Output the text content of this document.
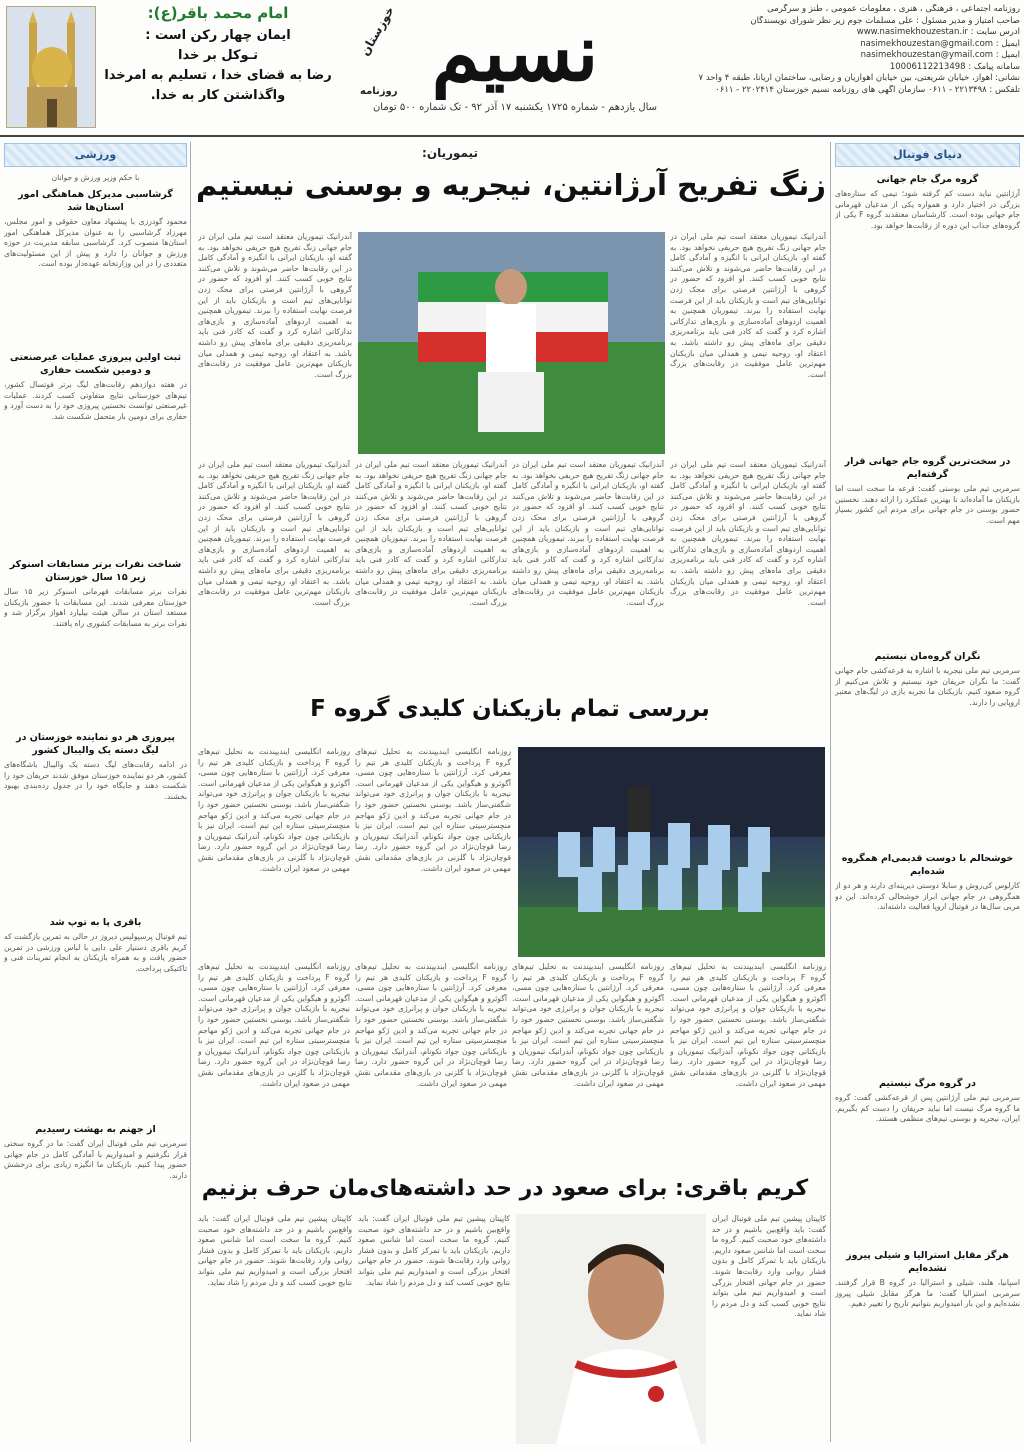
امام محمد باقر(ع):
ایمان چهار رکن است :
تـوکل بر خدا
رضا به قضای خدا ، تسلیم به امرخدا
واگذاشتن کار به خدا.	نسیم
خوزستان
روزنامه
سال یازدهم - شماره ۱۷۲۵ یکشنبه ۱۷ آذر ۹۲ - تک شماره ۵۰۰ تومان
روزنامه اجتماعی ، فرهنگی ، هنری ، معلومات عمومی ، طنز و سرگرمی
صاحب امتیاز و مدیر مسئول : علی مسلمات جوم زیر نظر شورای نویسندگان
آدرس سایت : www.nasimekhouzestan.ir
ایمیل : nasimekhouzestan@gmail.com
ایمیل : nasimekhouzestan@ymail.com
سامانه پیامک : 10006112213498
نشانی: اهواز، خیابان شریعتی، بین خیابان اهوازیان و رضایی، ساختمان آریانا، طبقه ۴ واحد ۷
تلفکس : ۲۲۱۳۴۹۸ - ۰۶۱۱ سازمان آگهی های روزنامه نسیم خوزستان ۲۲۰۲۴۱۴ - ۰۶۱۱
ورزشی
با حکم وزیر ورزش و جوانان
گرشاسبی مدیرکل هماهنگی امور استان‌ها شد
محمود گودرزی با پیشنهاد معاون حقوقی و امور مجلس، مهرزاد گرشاسبی را به عنوان مدیرکل هماهنگی امور استان‌ها منصوب کرد. گرشاسبی سابقه مدیریت در حوزه ورزش و جوانان را دارد و پیش از این مسئولیت‌های متعددی را در این وزارتخانه عهده‌دار بوده است.
ثبت اولین پیروزی عملیات غیرصنعتی و دومین شکست حفاری
در هفته دوازدهم رقابت‌های لیگ برتر فوتسال کشور، تیم‌های خوزستانی نتایج متفاوتی کسب کردند. عملیات غیرصنعتی توانست نخستین پیروزی خود را به دست آورد و حفاری برای دومین بار متحمل شکست شد.
شناخت نفرات برتر مسابقات اسنوکر زیر ۱۵ سال خوزستان
نفرات برتر مسابقات قهرمانی اسنوکر زیر ۱۵ سال خوزستان معرفی شدند. این مسابقات با حضور بازیکنان مستعد استان در سالن هیئت بیلیارد اهواز برگزار شد و نفرات برتر به مسابقات کشوری راه یافتند.
پیروزی هر دو نماینده خوزستان در لیگ دسته یک والیبال کشور
در ادامه رقابت‌های لیگ دسته یک والیبال باشگاه‌های کشور، هر دو نماینده خوزستان موفق شدند حریفان خود را شکست دهند و جایگاه خود را در جدول رده‌بندی بهبود بخشند.
باقری پا به توپ شد
تیم فوتبال پرسپولیس دیروز در حالی به تمرین بازگشت که کریم باقری دستیار علی دایی با لباس ورزشی در تمرین حضور یافت و به همراه بازیکنان به انجام تمرینات فنی و تاکتیکی پرداخت.
از جهنم به بهشت رسیدیم
سرمربی تیم ملی فوتبال ایران گفت: ما در گروه سختی قرار نگرفتیم و امیدواریم با آمادگی کامل در جام جهانی حضور پیدا کنیم. بازیکنان ما انگیزه زیادی برای درخشش دارند.
دنیای فوتبال
گروه مرگ جام جهانی
آرژانتین نباید دست کم گرفته شود؛ تیمی که ستاره‌های بزرگی در اختیار دارد و همواره یکی از مدعیان قهرمانی جام جهانی بوده است. کارشناسان معتقدند گروه F یکی از گروه‌های جذاب این دوره از رقابت‌ها خواهد بود.
در سخت‌ترین گروه جام جهانی قرار گرفته‌ایم
سرمربی تیم ملی بوسنی گفت: قرعه ما سخت است اما بازیکنان ما آماده‌اند تا بهترین عملکرد را ارائه دهند. نخستین حضور بوسنی در جام جهانی برای مردم این کشور بسیار مهم است.
نگران گروه‌مان نیستیم
سرمربی تیم ملی نیجریه با اشاره به قرعه‌کشی جام جهانی گفت: ما نگران حریفان خود نیستیم و تلاش می‌کنیم از گروه صعود کنیم. بازیکنان ما تجربه بازی در لیگ‌های معتبر اروپایی را دارند.
خوشحالم با دوست قدیمی‌ام همگروه شده‌ایم
کارلوس کی‌روش و سابلا دوستی دیرینه‌ای دارند و هر دو از همگروهی در جام جهانی ابراز خوشحالی کرده‌اند. این دو مربی سال‌ها در فوتبال اروپا فعالیت داشته‌اند.
در گروه مرگ نیستیم
سرمربی تیم ملی آرژانتین پس از قرعه‌کشی گفت: گروه ما گروه مرگ نیست اما نباید حریفان را دست کم بگیریم. ایران، نیجریه و بوسنی تیم‌های منظمی هستند.
هرگز مقابل استرالیا و شیلی پیروز نشده‌ایم
اسپانیا، هلند، شیلی و استرالیا در گروه B قرار گرفتند. سرمربی استرالیا گفت: ما هرگز مقابل شیلی پیروز نشده‌ایم و این بار امیدواریم بتوانیم تاریخ را تغییر دهیم.
تیموریان:
زنگ تفریح آرژانتین، نیجریه و بوسنی نیستیم
آندرانیک تیموریان معتقد است تیم ملی ایران در جام جهانی زنگ تفریح هیچ حریفی نخواهد بود. به گفته او، بازیکنان ایرانی با انگیزه و آمادگی کامل در این رقابت‌ها حاضر می‌شوند و تلاش می‌کنند نتایج خوبی کسب کنند. او افزود که حضور در گروهی با آرژانتین فرصتی برای محک زدن توانایی‌های تیم است و بازیکنان باید از این فرصت نهایت استفاده را ببرند. تیموریان همچنین به اهمیت اردوهای آماده‌سازی و بازی‌های تدارکاتی اشاره کرد و گفت که کادر فنی باید برنامه‌ریزی دقیقی برای ماه‌های پیش رو داشته باشد. به اعتقاد او، روحیه تیمی و همدلی میان بازیکنان مهم‌ترین عامل موفقیت در رقابت‌های بزرگ است.
آندرانیک تیموریان معتقد است تیم ملی ایران در جام جهانی زنگ تفریح هیچ حریفی نخواهد بود. به گفته او، بازیکنان ایرانی با انگیزه و آمادگی کامل در این رقابت‌ها حاضر می‌شوند و تلاش می‌کنند نتایج خوبی کسب کنند. او افزود که حضور در گروهی با آرژانتین فرصتی برای محک زدن توانایی‌های تیم است و بازیکنان باید از این فرصت نهایت استفاده را ببرند. تیموریان همچنین به اهمیت اردوهای آماده‌سازی و بازی‌های تدارکاتی اشاره کرد و گفت که کادر فنی باید برنامه‌ریزی دقیقی برای ماه‌های پیش رو داشته باشد. به اعتقاد او، روحیه تیمی و همدلی میان بازیکنان مهم‌ترین عامل موفقیت در رقابت‌های بزرگ است.
آندرانیک تیموریان معتقد است تیم ملی ایران در جام جهانی زنگ تفریح هیچ حریفی نخواهد بود. به گفته او، بازیکنان ایرانی با انگیزه و آمادگی کامل در این رقابت‌ها حاضر می‌شوند و تلاش می‌کنند نتایج خوبی کسب کنند. او افزود که حضور در گروهی با آرژانتین فرصتی برای محک زدن توانایی‌های تیم است و بازیکنان باید از این فرصت نهایت استفاده را ببرند. تیموریان همچنین به اهمیت اردوهای آماده‌سازی و بازی‌های تدارکاتی اشاره کرد و گفت که کادر فنی باید برنامه‌ریزی دقیقی برای ماه‌های پیش رو داشته باشد. به اعتقاد او، روحیه تیمی و همدلی میان بازیکنان مهم‌ترین عامل موفقیت در رقابت‌های بزرگ است.
آندرانیک تیموریان معتقد است تیم ملی ایران در جام جهانی زنگ تفریح هیچ حریفی نخواهد بود. به گفته او، بازیکنان ایرانی با انگیزه و آمادگی کامل در این رقابت‌ها حاضر می‌شوند و تلاش می‌کنند نتایج خوبی کسب کنند. او افزود که حضور در گروهی با آرژانتین فرصتی برای محک زدن توانایی‌های تیم است و بازیکنان باید از این فرصت نهایت استفاده را ببرند. تیموریان همچنین به اهمیت اردوهای آماده‌سازی و بازی‌های تدارکاتی اشاره کرد و گفت که کادر فنی باید برنامه‌ریزی دقیقی برای ماه‌های پیش رو داشته باشد. به اعتقاد او، روحیه تیمی و همدلی میان بازیکنان مهم‌ترین عامل موفقیت در رقابت‌های بزرگ است.
آندرانیک تیموریان معتقد است تیم ملی ایران در جام جهانی زنگ تفریح هیچ حریفی نخواهد بود. به گفته او، بازیکنان ایرانی با انگیزه و آمادگی کامل در این رقابت‌ها حاضر می‌شوند و تلاش می‌کنند نتایج خوبی کسب کنند. او افزود که حضور در گروهی با آرژانتین فرصتی برای محک زدن توانایی‌های تیم است و بازیکنان باید از این فرصت نهایت استفاده را ببرند. تیموریان همچنین به اهمیت اردوهای آماده‌سازی و بازی‌های تدارکاتی اشاره کرد و گفت که کادر فنی باید برنامه‌ریزی دقیقی برای ماه‌های پیش رو داشته باشد. به اعتقاد او، روحیه تیمی و همدلی میان بازیکنان مهم‌ترین عامل موفقیت در رقابت‌های بزرگ است.
آندرانیک تیموریان معتقد است تیم ملی ایران در جام جهانی زنگ تفریح هیچ حریفی نخواهد بود. به گفته او، بازیکنان ایرانی با انگیزه و آمادگی کامل در این رقابت‌ها حاضر می‌شوند و تلاش می‌کنند نتایج خوبی کسب کنند. او افزود که حضور در گروهی با آرژانتین فرصتی برای محک زدن توانایی‌های تیم است و بازیکنان باید از این فرصت نهایت استفاده را ببرند. تیموریان همچنین به اهمیت اردوهای آماده‌سازی و بازی‌های تدارکاتی اشاره کرد و گفت که کادر فنی باید برنامه‌ریزی دقیقی برای ماه‌های پیش رو داشته باشد. به اعتقاد او، روحیه تیمی و همدلی میان بازیکنان مهم‌ترین عامل موفقیت در رقابت‌های بزرگ است.
بررسی تمام بازیکنان کلیدی گروه F
روزنامه انگلیسی ایندیپندنت به تحلیل تیم‌های گروه F پرداخت و بازیکنان کلیدی هر تیم را معرفی کرد. آرژانتین با ستاره‌هایی چون مسی، آگوئرو و هیگواین یکی از مدعیان قهرمانی است. نیجریه با بازیکنان جوان و پرانرژی خود می‌تواند شگفتی‌ساز باشد. بوسنی نخستین حضور خود را در جام جهانی تجربه می‌کند و ادین ژکو مهاجم منچسترسیتی ستاره این تیم است. ایران نیز با بازیکنانی چون جواد نکونام، آندرانیک تیموریان و رضا قوچان‌نژاد در این گروه حضور دارد. رضا قوچان‌نژاد با گلزنی در بازی‌های مقدماتی نقش مهمی در صعود ایران داشت.
روزنامه انگلیسی ایندیپندنت به تحلیل تیم‌های گروه F پرداخت و بازیکنان کلیدی هر تیم را معرفی کرد. آرژانتین با ستاره‌هایی چون مسی، آگوئرو و هیگواین یکی از مدعیان قهرمانی است. نیجریه با بازیکنان جوان و پرانرژی خود می‌تواند شگفتی‌ساز باشد. بوسنی نخستین حضور خود را در جام جهانی تجربه می‌کند و ادین ژکو مهاجم منچسترسیتی ستاره این تیم است. ایران نیز با بازیکنانی چون جواد نکونام، آندرانیک تیموریان و رضا قوچان‌نژاد در این گروه حضور دارد. رضا قوچان‌نژاد با گلزنی در بازی‌های مقدماتی نقش مهمی در صعود ایران داشت.
روزنامه انگلیسی ایندیپندنت به تحلیل تیم‌های گروه F پرداخت و بازیکنان کلیدی هر تیم را معرفی کرد. آرژانتین با ستاره‌هایی چون مسی، آگوئرو و هیگواین یکی از مدعیان قهرمانی است. نیجریه با بازیکنان جوان و پرانرژی خود می‌تواند شگفتی‌ساز باشد. بوسنی نخستین حضور خود را در جام جهانی تجربه می‌کند و ادین ژکو مهاجم منچسترسیتی ستاره این تیم است. ایران نیز با بازیکنانی چون جواد نکونام، آندرانیک تیموریان و رضا قوچان‌نژاد در این گروه حضور دارد. رضا قوچان‌نژاد با گلزنی در بازی‌های مقدماتی نقش مهمی در صعود ایران داشت.
روزنامه انگلیسی ایندیپندنت به تحلیل تیم‌های گروه F پرداخت و بازیکنان کلیدی هر تیم را معرفی کرد. آرژانتین با ستاره‌هایی چون مسی، آگوئرو و هیگواین یکی از مدعیان قهرمانی است. نیجریه با بازیکنان جوان و پرانرژی خود می‌تواند شگفتی‌ساز باشد. بوسنی نخستین حضور خود را در جام جهانی تجربه می‌کند و ادین ژکو مهاجم منچسترسیتی ستاره این تیم است. ایران نیز با بازیکنانی چون جواد نکونام، آندرانیک تیموریان و رضا قوچان‌نژاد در این گروه حضور دارد. رضا قوچان‌نژاد با گلزنی در بازی‌های مقدماتی نقش مهمی در صعود ایران داشت.
روزنامه انگلیسی ایندیپندنت به تحلیل تیم‌های گروه F پرداخت و بازیکنان کلیدی هر تیم را معرفی کرد. آرژانتین با ستاره‌هایی چون مسی، آگوئرو و هیگواین یکی از مدعیان قهرمانی است. نیجریه با بازیکنان جوان و پرانرژی خود می‌تواند شگفتی‌ساز باشد. بوسنی نخستین حضور خود را در جام جهانی تجربه می‌کند و ادین ژکو مهاجم منچسترسیتی ستاره این تیم است. ایران نیز با بازیکنانی چون جواد نکونام، آندرانیک تیموریان و رضا قوچان‌نژاد در این گروه حضور دارد. رضا قوچان‌نژاد با گلزنی در بازی‌های مقدماتی نقش مهمی در صعود ایران داشت.
روزنامه انگلیسی ایندیپندنت به تحلیل تیم‌های گروه F پرداخت و بازیکنان کلیدی هر تیم را معرفی کرد. آرژانتین با ستاره‌هایی چون مسی، آگوئرو و هیگواین یکی از مدعیان قهرمانی است. نیجریه با بازیکنان جوان و پرانرژی خود می‌تواند شگفتی‌ساز باشد. بوسنی نخستین حضور خود را در جام جهانی تجربه می‌کند و ادین ژکو مهاجم منچسترسیتی ستاره این تیم است. ایران نیز با بازیکنانی چون جواد نکونام، آندرانیک تیموریان و رضا قوچان‌نژاد در این گروه حضور دارد. رضا قوچان‌نژاد با گلزنی در بازی‌های مقدماتی نقش مهمی در صعود ایران داشت.
کریم باقری: برای صعود در حد داشته‌های‌مان حرف بزنیم
کاپیتان پیشین تیم ملی فوتبال ایران گفت: باید واقع‌بین باشیم و در حد داشته‌های خود صحبت کنیم. گروه ما سخت است اما شانس صعود داریم. بازیکنان باید با تمرکز کامل و بدون فشار روانی وارد رقابت‌ها شوند. حضور در جام جهانی افتخار بزرگی است و امیدواریم تیم ملی بتواند نتایج خوبی کسب کند و دل مردم را شاد نماید.
کاپیتان پیشین تیم ملی فوتبال ایران گفت: باید واقع‌بین باشیم و در حد داشته‌های خود صحبت کنیم. گروه ما سخت است اما شانس صعود داریم. بازیکنان باید با تمرکز کامل و بدون فشار روانی وارد رقابت‌ها شوند. حضور در جام جهانی افتخار بزرگی است و امیدواریم تیم ملی بتواند نتایج خوبی کسب کند و دل مردم را شاد نماید.
کاپیتان پیشین تیم ملی فوتبال ایران گفت: باید واقع‌بین باشیم و در حد داشته‌های خود صحبت کنیم. گروه ما سخت است اما شانس صعود داریم. بازیکنان باید با تمرکز کامل و بدون فشار روانی وارد رقابت‌ها شوند. حضور در جام جهانی افتخار بزرگی است و امیدواریم تیم ملی بتواند نتایج خوبی کسب کند و دل مردم را شاد نماید.
